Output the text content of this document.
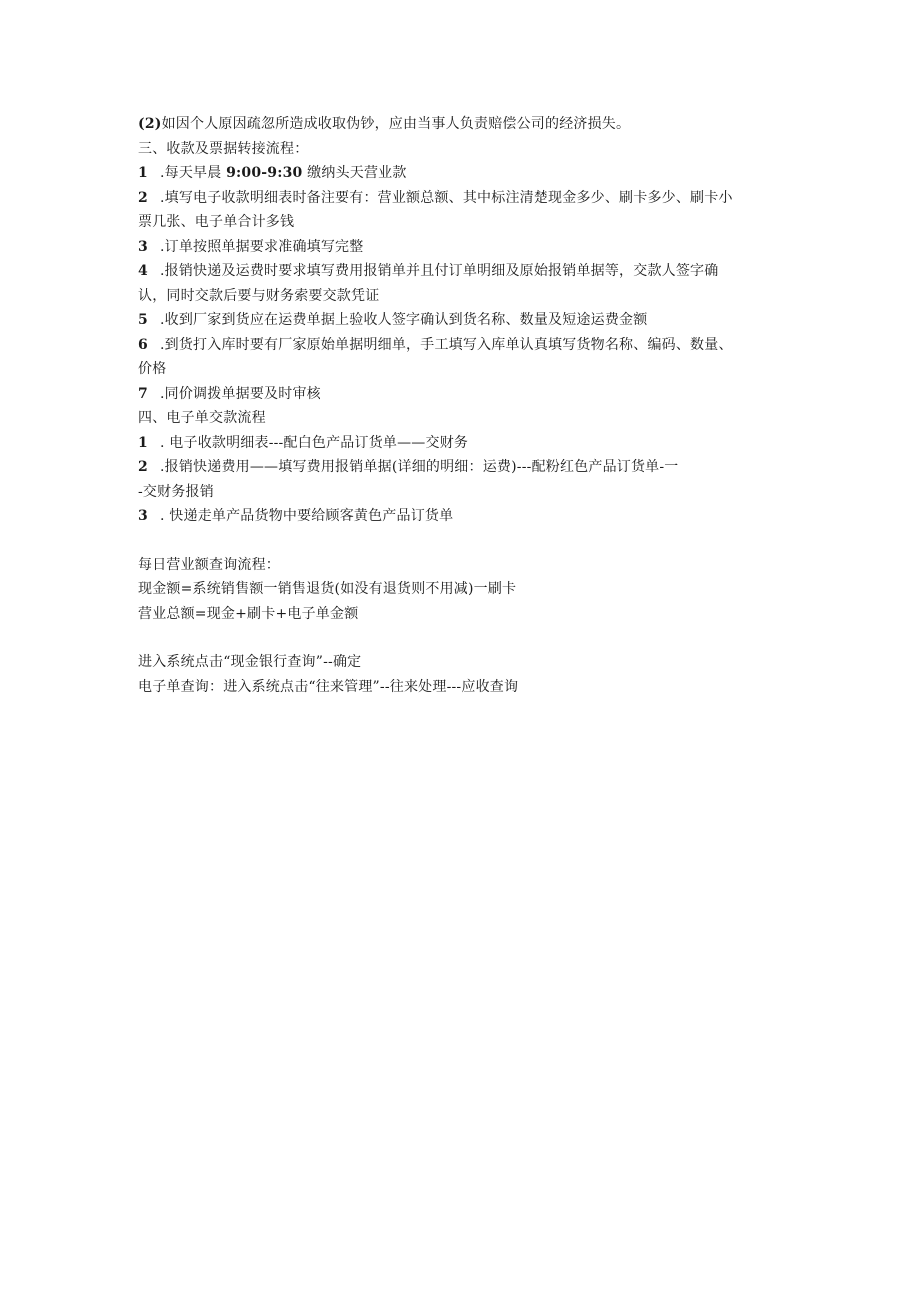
(2)如因个人原因疏忽所造成收取伪钞，应由当事人负责赔偿公司的经济损失。
三、收款及票据转接流程：
1 .每天早晨 9:00-9:30 缴纳头天营业款
2 .填写电子收款明细表时备注要有：营业额总额、其中标注清楚现金多少、刷卡多少、刷卡小
票几张、电子单合计多钱
3 .订单按照单据要求准确填写完整
4 .报销快递及运费时要求填写费用报销单并且付订单明细及原始报销单据等，交款人签字确
认，同时交款后要与财务索要交款凭证
5 .收到厂家到货应在运费单据上验收人签字确认到货名称、数量及短途运费金额
6 .到货打入库时要有厂家原始单据明细单，手工填写入库单认真填写货物名称、编码、数量、
价格
7 .同价调拨单据要及时审核
四、电子单交款流程
1 . 电子收款明细表---配白色产品订货单——交财务
2 .报销快递费用——填写费用报销单据(详细的明细：运费)---配粉红色产品订货单-一
-交财务报销
3 . 快递走单产品货物中要给顾客黄色产品订货单
每日营业额查询流程：
现金额=系统销售额一销售退货(如没有退货则不用减)一刷卡
营业总额=现金+刷卡+电子单金额
进入系统点击“现金银行查询”--确定
电子单查询：进入系统点击“往来管理”--往来处理---应收查询
